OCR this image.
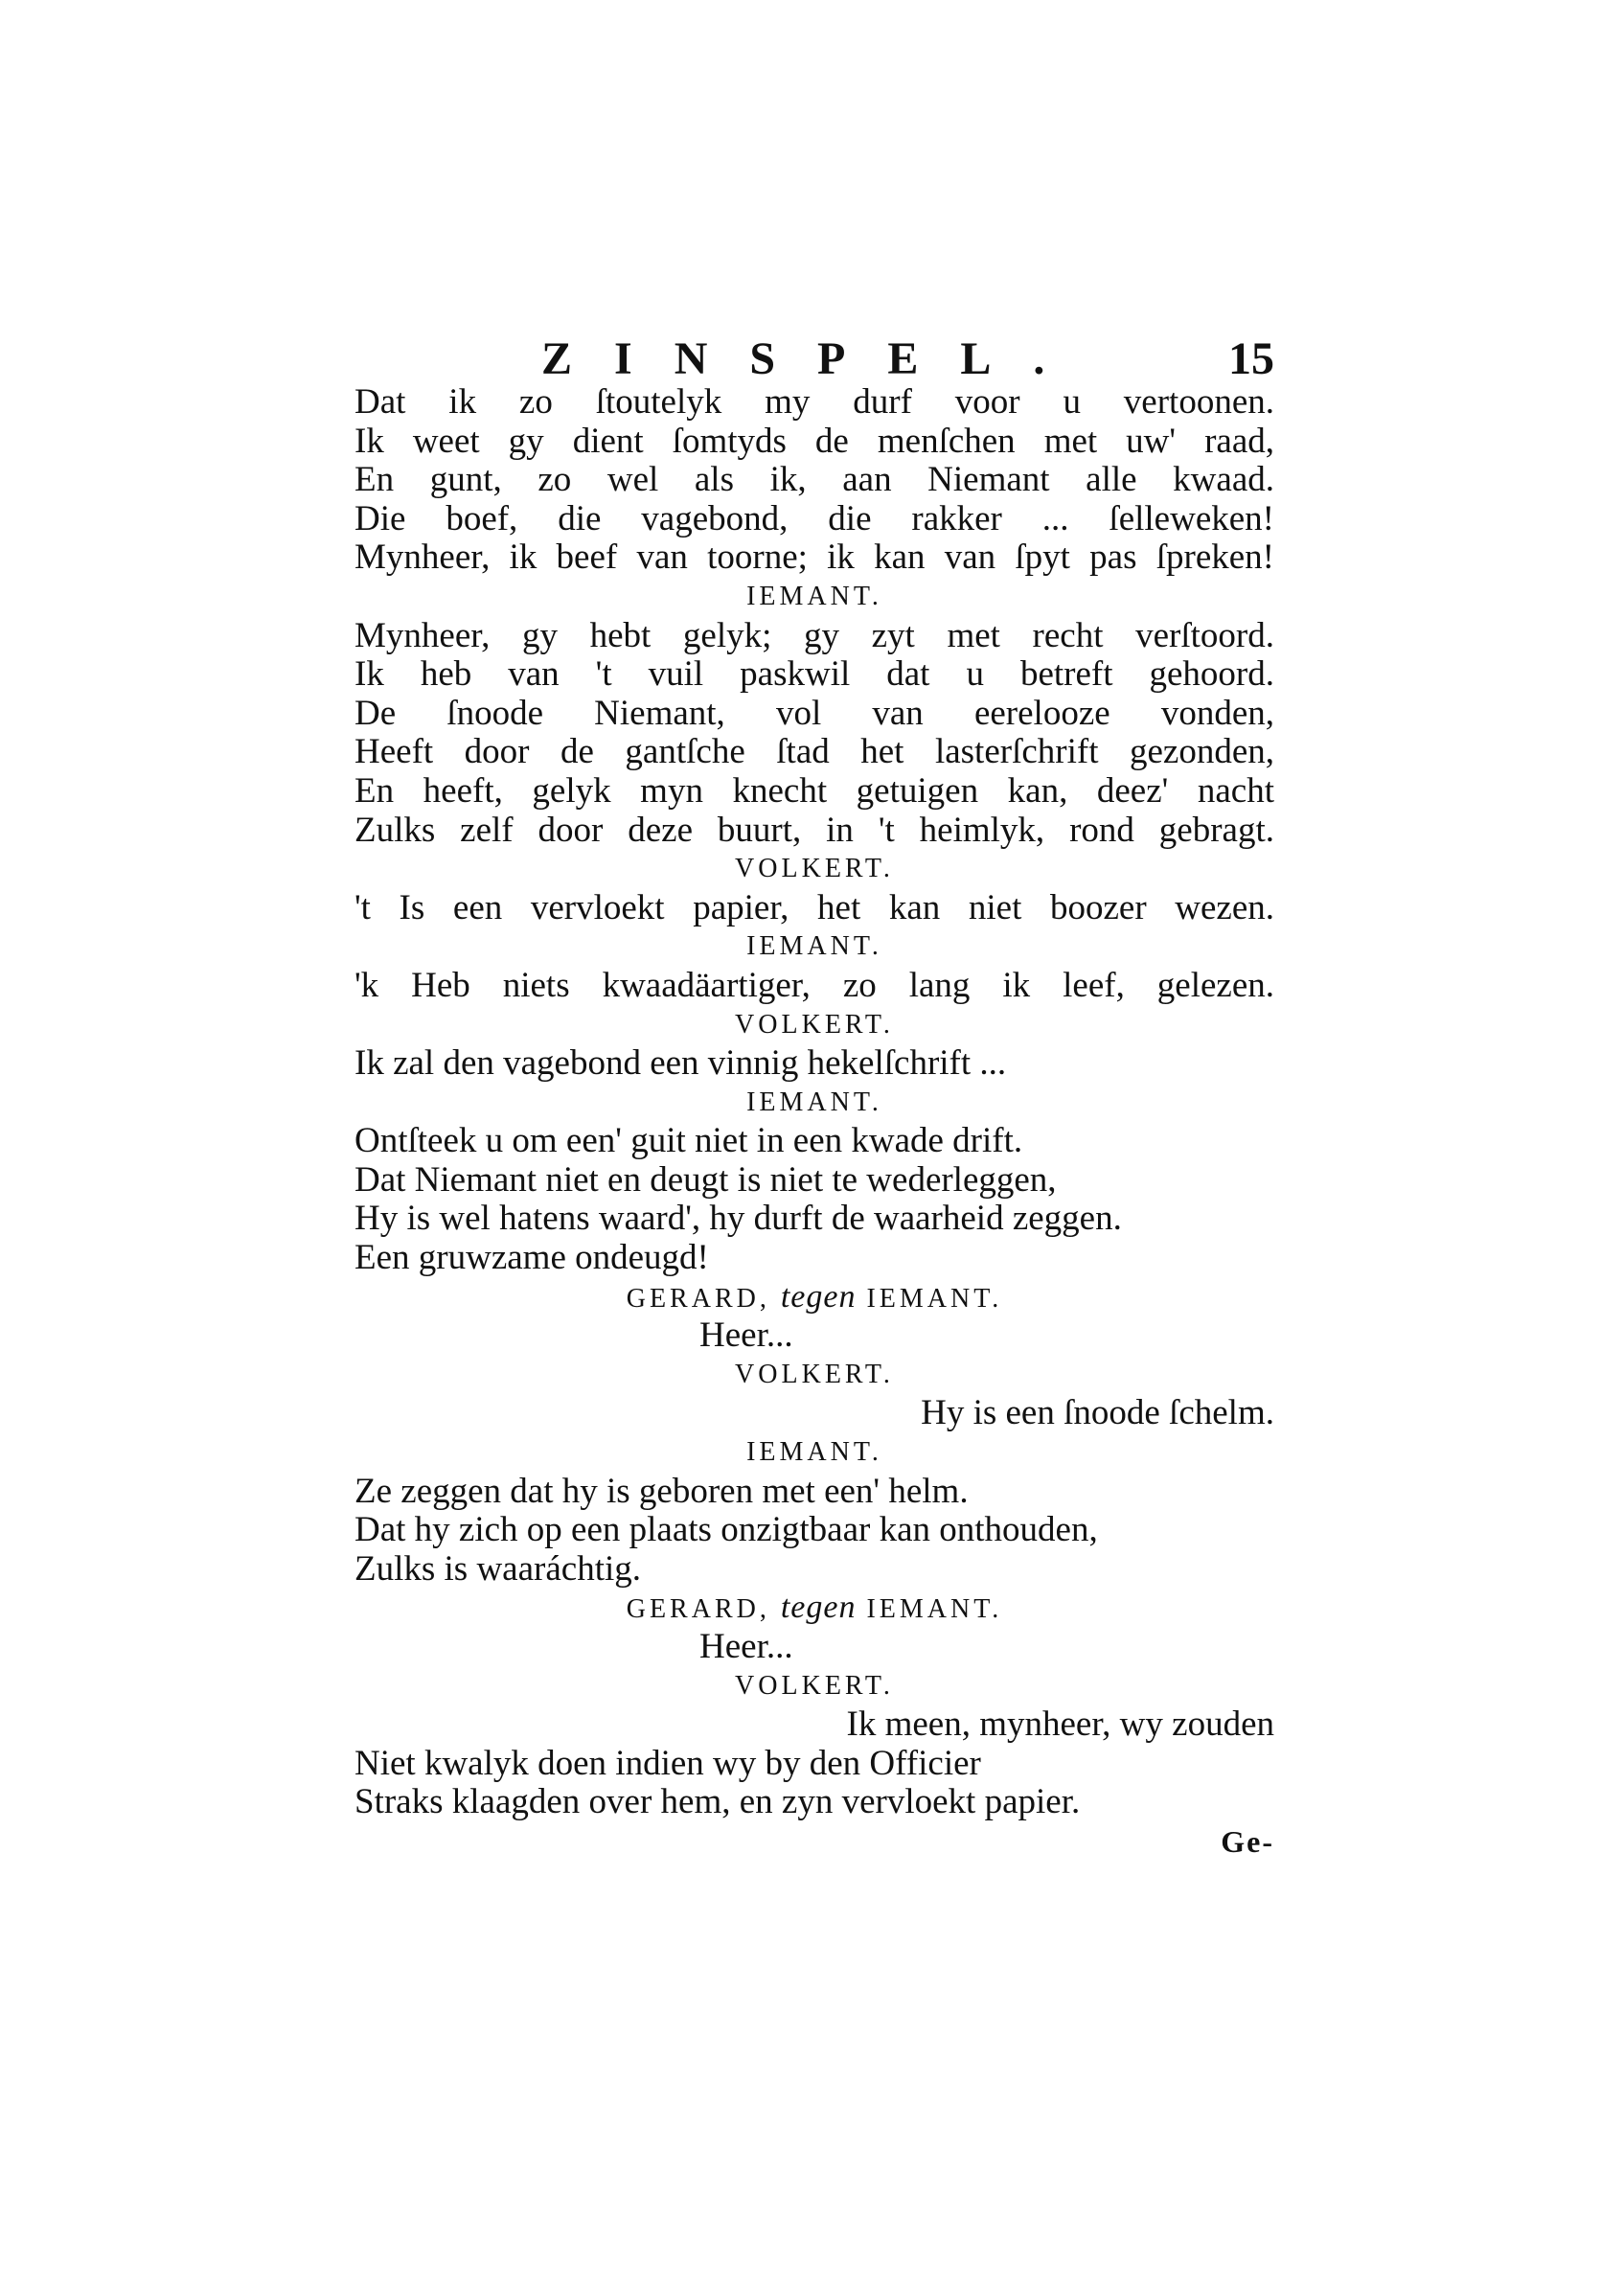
ZINSPEL.	15
Dat ik zo ſtoutelyk my durf voor u vertoonen.
Ik weet gy dient ſomtyds de menſchen met uw' raad,
En gunt, zo wel als ik, aan Niemant alle kwaad.
Die boef, die vagebond, die rakker ... ſelleweken!
Mynheer, ik beef van toorne; ik kan van ſpyt pas ſpreken!
IEMANT.
Mynheer, gy hebt gelyk; gy zyt met recht verſtoord.
Ik heb van 't vuil paskwil dat u betreft gehoord.
De ſnoode Niemant, vol van eerelooze vonden,
Heeft door de gantſche ſtad het lasterſchrift gezonden,
En heeft, gelyk myn knecht getuigen kan, deez' nacht
Zulks zelf door deze buurt, in 't heimlyk, rond gebragt.
VOLKERT.
't Is een vervloekt papier, het kan niet boozer wezen.
IEMANT.
'k Heb niets kwaadäartiger, zo lang ik leef, gelezen.
VOLKERT.
Ik zal den vagebond een vinnig hekelſchrift ...
IEMANT.
Ontſteek u om een' guit niet in een kwade drift.
Dat Niemant niet en deugt is niet te wederleggen,
Hy is wel hatens waard', hy durft de waarheid zeggen.
Een gruwzame ondeugd!
GERARD, tegen IEMANT.
Heer...
VOLKERT.
Hy is een ſnoode ſchelm.
IEMANT.
Ze zeggen dat hy is geboren met een' helm.
Dat hy zich op een plaats onzigtbaar kan onthouden,
Zulks is waaráchtig.
GERARD, tegen IEMANT.
Heer...
VOLKERT.
Ik meen, mynheer, wy zouden
Niet kwalyk doen indien wy by den Officier
Straks klaagden over hem, en zyn vervloekt papier.
Ge-
